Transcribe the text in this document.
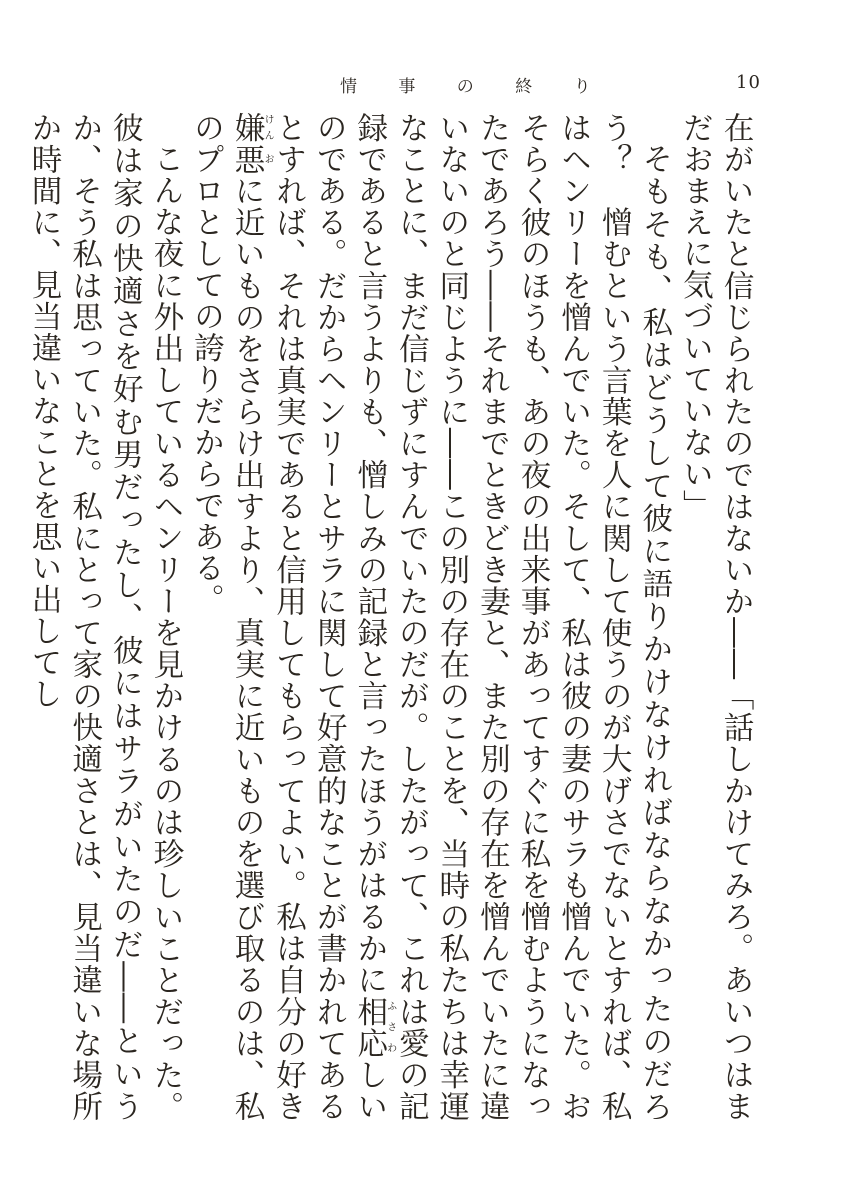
情 事 の 終 り	10

在がいたと信じられたのではないか――「話しかけてみろ。あいつはまだおまえに気づいていない」

そもそも、私はどうして彼に語りかけなければならなかったのだろう？　憎むという言葉を人に関して使うのが大げさでないとすれば、私はヘンリーを憎んでいた。そして、私は彼の妻のサラも憎んでいた。おそらく彼のほうも、あの夜の出来事があってすぐに私を憎むようになったであろう――それまでときどき妻と、また別の存在を憎んでいたに違いないのと同じように――この別の存在のことを、当時の私たちは幸運なことに、まだ信じずにすんでいたのだが。したがって、これは愛の記録であると言うよりも、憎しみの記録と言ったほうがはるかに相応ふさわしいのである。だからヘンリーとサラに関して好意的なことが書かれてあるとすれば、それは真実であると信用してもらってよい。私は自分の好き嫌けん悪おに近いものをさらけ出すより、真実に近いものを選び取るのは、私のプロとしての誇りだからである。

こんな夜に外出しているヘンリーを見かけるのは珍しいことだった。彼は家の快適さを好む男だったし、彼にはサラがいたのだ――というか、そう私は思っていた。私にとって家の快適さとは、見当違いな場所か時間に、見当違いなことを思い出してし
